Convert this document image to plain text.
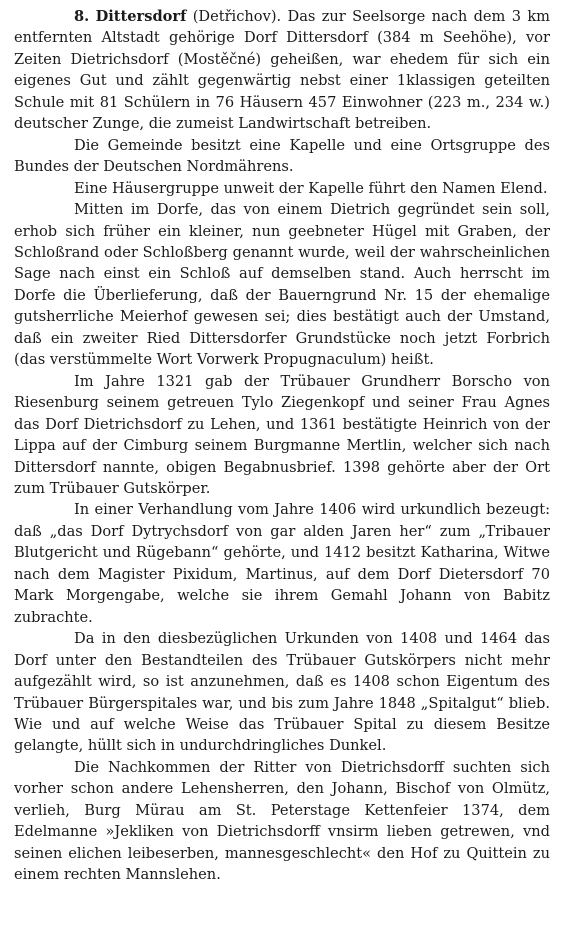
8. Dittersdorf (Detřichov). Das zur Seelsorge nach dem 3 km entfernten Altstadt gehörige Dorf Dittersdorf (384 m Seehöhe), vor Zeiten Dietrichsdorf (Mostěčné) geheißen, war ehedem für sich ein eigenes Gut und zählt gegenwärtig nebst einer 1klassigen geteilten Schule mit 81 Schülern in 76 Häusern 457 Einwohner (223 m., 234 w.) deutscher Zunge, die zumeist Landwirtschaft betreiben.

Die Gemeinde besitzt eine Kapelle und eine Ortsgruppe des Bundes der Deutschen Nordmährens.

Eine Häusergruppe unweit der Kapelle führt den Namen Elend.

Mitten im Dorfe, das von einem Dietrich gegründet sein soll, erhob sich früher ein kleiner, nun geebneter Hügel mit Graben, der Schloßrand oder Schloßberg genannt wurde, weil der wahrscheinlichen Sage nach einst ein Schloß auf demselben stand. Auch herrscht im Dorfe die Überlieferung, daß der Bauerngrund Nr. 15 der ehemalige gutsherrliche Meierhof gewesen sei; dies bestätigt auch der Umstand, daß ein zweiter Ried Dittersdorfer Grundstücke noch jetzt Forbrich (das verstümmelte Wort Vorwerk Propugnaculum) heißt.

Im Jahre 1321 gab der Trübauer Grundherr Borscho von Riesenburg seinem getreuen Tylo Ziegenkopf und seiner Frau Agnes das Dorf Dietrichsdorf zu Lehen, und 1361 bestätigte Heinrich von der Lippa auf der Cimburg seinem Burgmanne Mertlin, welcher sich nach Dittersdorf nannte, obigen Begabnusbrief. 1398 gehörte aber der Ort zum Trübauer Gutskörper.

In einer Verhandlung vom Jahre 1406 wird urkundlich bezeugt: daß „das Dorf Dytrychsdorf von gar alden Jaren her“ zum „Tribauer Blutgericht und Rügebann“ gehörte, und 1412 besitzt Katharina, Witwe nach dem Magister Pixidum, Martinus, auf dem Dorf Dietersdorf 70 Mark Morgengabe, welche sie ihrem Gemahl Johann von Babitz zubrachte.

Da in den diesbezüglichen Urkunden von 1408 und 1464 das Dorf unter den Bestandteilen des Trübauer Gutskörpers nicht mehr aufgezählt wird, so ist anzunehmen, daß es 1408 schon Eigentum des Trübauer Bürgerspitales war, und bis zum Jahre 1848 „Spitalgut“ blieb. Wie und auf welche Weise das Trübauer Spital zu diesem Besitze gelangte, hüllt sich in undurchdringliches Dunkel.

Die Nachkommen der Ritter von Dietrichsdorff suchten sich vorher schon andere Lehensherren, den Johann, Bischof von Olmütz, verlieh, Burg Mürau am St. Peterstage Kettenfeier 1374, dem Edelmanne »Jekliken von Dietrichsdorff vnsirm lieben getrewen, vnd seinen elichen leibeserben, mannesgeschlecht« den Hof zu Quittein zu einem rechten Mannslehen.
